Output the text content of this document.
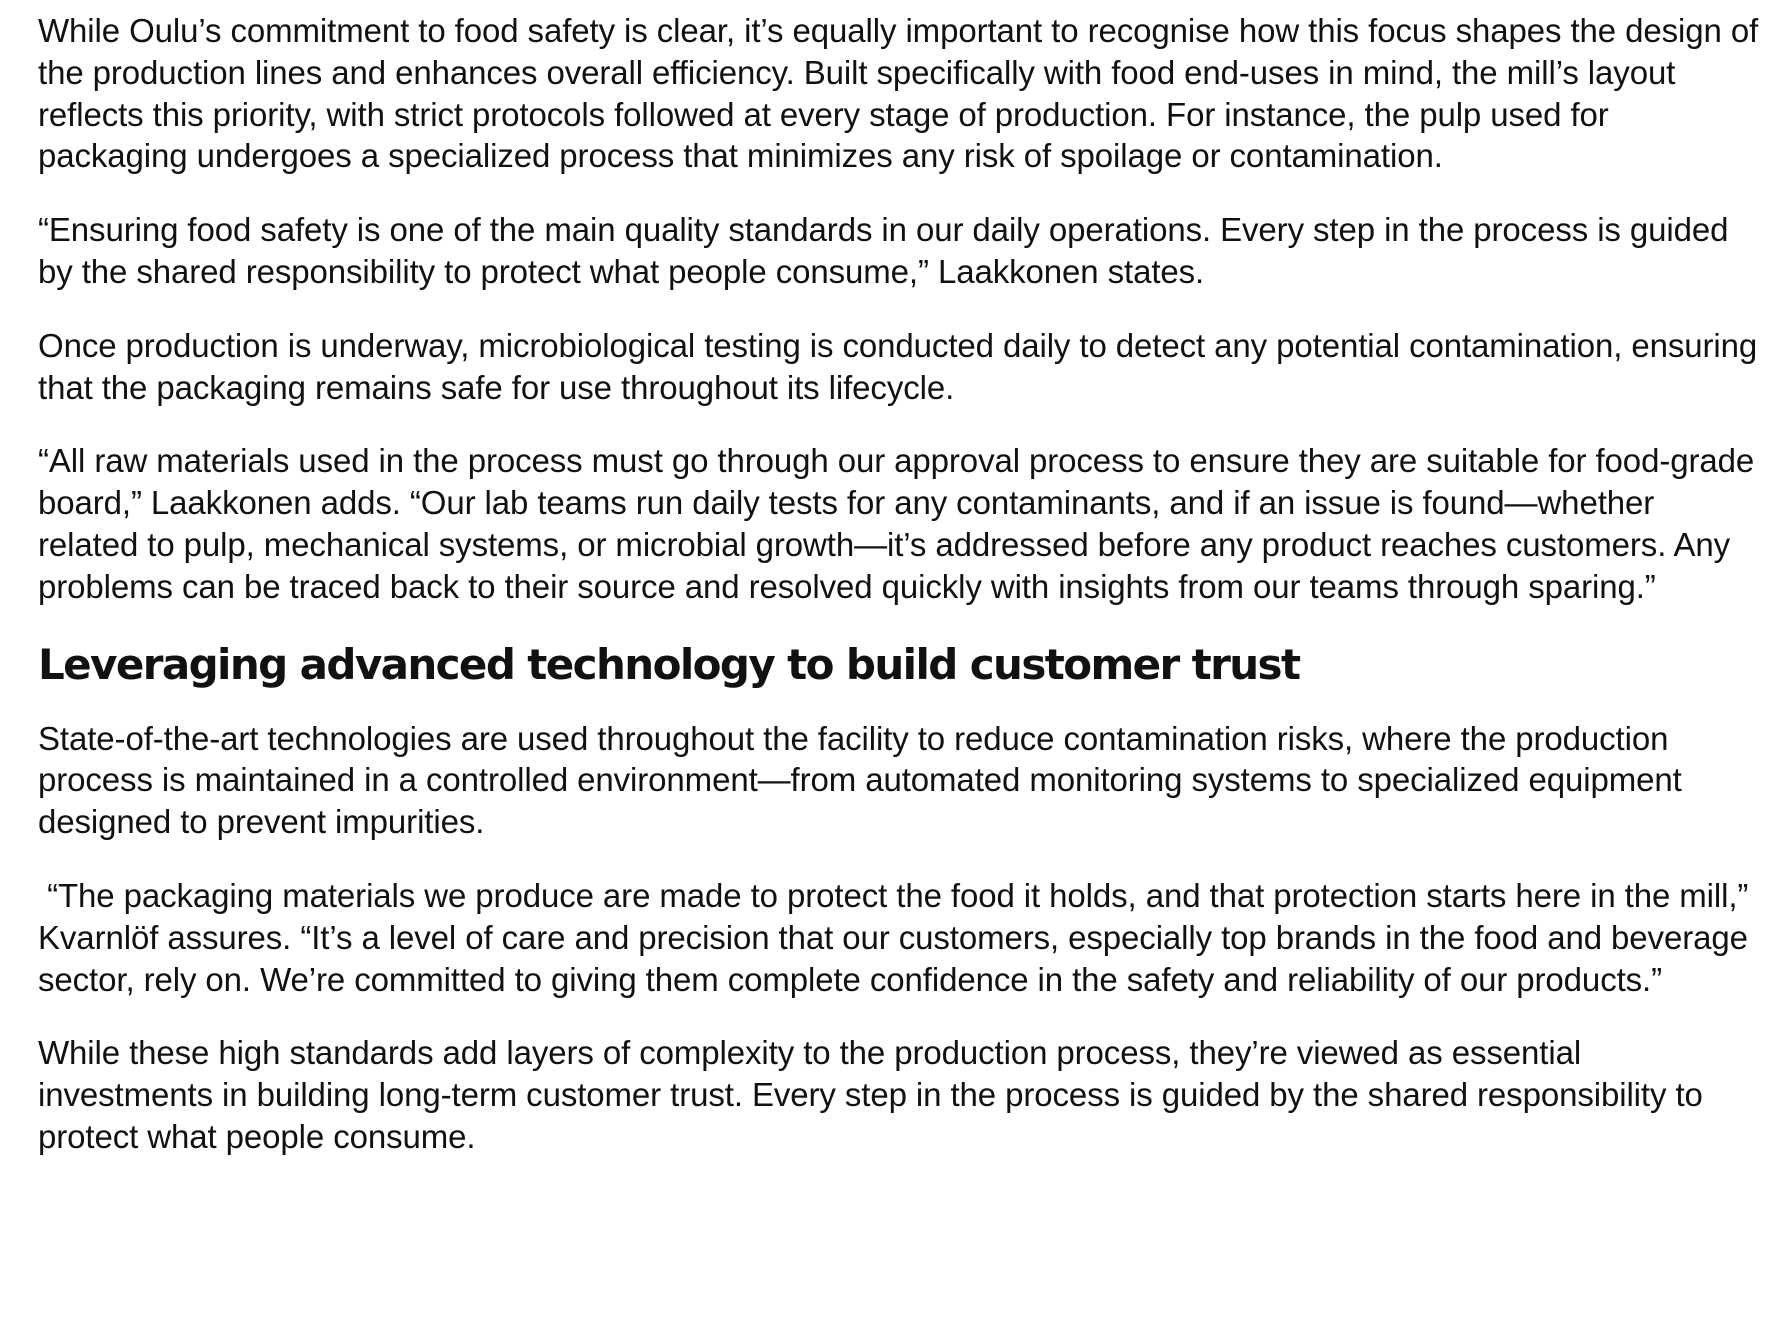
While Oulu’s commitment to food safety is clear, it’s equally important to recognise how this focus shapes the design of the production lines and enhances overall efficiency. Built specifically with food end-uses in mind, the mill’s layout reflects this priority, with strict protocols followed at every stage of production. For instance, the pulp used for packaging undergoes a specialized process that minimizes any risk of spoilage or contamination.

“Ensuring food safety is one of the main quality standards in our daily operations. Every step in the process is guided by the shared responsibility to protect what people consume,” Laakkonen states.

Once production is underway, microbiological testing is conducted daily to detect any potential contamination, ensuring that the packaging remains safe for use throughout its lifecycle.

“All raw materials used in the process must go through our approval process to ensure they are suitable for food-grade board,” Laakkonen adds. “Our lab teams run daily tests for any contaminants, and if an issue is found—whether related to pulp, mechanical systems, or microbial growth—it’s addressed before any product reaches customers. Any problems can be traced back to their source and resolved quickly with insights from our teams through sparing.”

Leveraging advanced technology to build customer trust

State-of-the-art technologies are used throughout the facility to reduce contamination risks, where the production process is maintained in a controlled environment—from automated monitoring systems to specialized equipment designed to prevent impurities.

“The packaging materials we produce are made to protect the food it holds, and that protection starts here in the mill,” Kvarnlöf assures. “It’s a level of care and precision that our customers, especially top brands in the food and beverage sector, rely on. We’re committed to giving them complete confidence in the safety and reliability of our products.”

While these high standards add layers of complexity to the production process, they’re viewed as essential investments in building long-term customer trust. Every step in the process is guided by the shared responsibility to protect what people consume.
